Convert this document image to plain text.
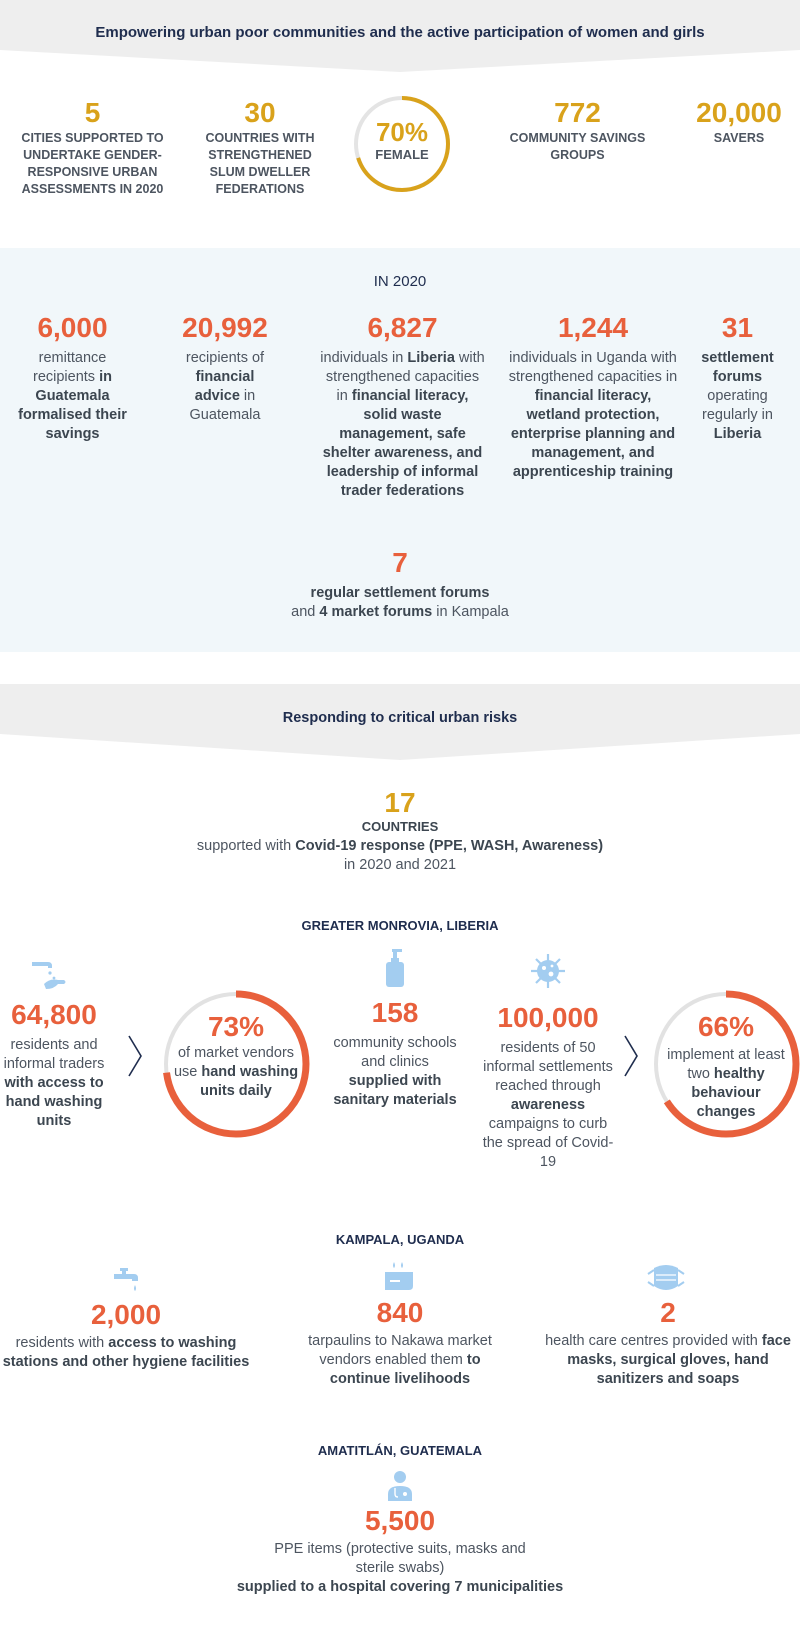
Empowering urban poor communities and the active participation of women and girls
5
CITIES SUPPORTED TO UNDERTAKE GENDER-RESPONSIVE URBAN ASSESSMENTS IN 2020
30
COUNTRIES WITH STRENGTHENED SLUM DWELLER FEDERATIONS
70%
FEMALE
772
COMMUNITY SAVINGS GROUPS
20,000
SAVERS
IN 2020
6,000
remittance recipients in Guatemala formalised their savings
20,992
recipients of financial advice in Guatemala
6,827
individuals in Liberia with strengthened capacities in financial literacy, solid waste management, safe shelter awareness, and leadership of informal trader federations
1,244
individuals in Uganda with strengthened capacities in financial literacy, wetland protection, enterprise planning and management, and apprenticeship training
31
settlement forums operating regularly in Liberia
7
regular settlement forums
and 4 market forums in Kampala
Responding to critical urban risks
17
COUNTRIES
supported with Covid-19 response (PPE, WASH, Awareness)
in 2020 and 2021
GREATER MONROVIA, LIBERIA
64,800
residents and informal traders with access to hand washing units
73%
of market vendors use hand washing units daily
158
community schools and clinics supplied with sanitary materials
100,000
residents of 50 informal settlements reached through awareness campaigns to curb the spread of Covid-19
66%
implement at least two healthy behaviour changes
KAMPALA, UGANDA
2,000
residents with access to washing stations and other hygiene facilities
840
tarpaulins to Nakawa market vendors enabled them to continue livelihoods
2
health care centres provided with face masks, surgical gloves, hand sanitizers and soaps
AMATITLÁN, GUATEMALA
5,500
PPE items (protective suits, masks and sterile swabs)
supplied to a hospital covering 7 municipalities
